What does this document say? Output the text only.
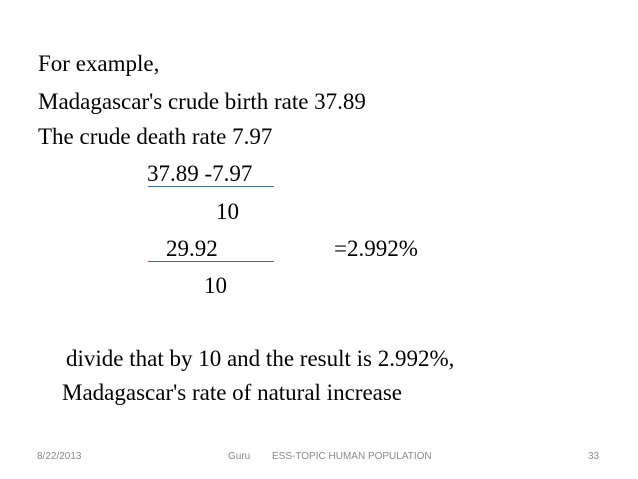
For example,
Madagascar's crude birth rate 37.89
The crude death rate 7.97
37.89 -7.97
10
29.92	=2.992%
10
divide that by 10 and the result is 2.992%,
Madagascar's rate of natural increase
8/22/2013	Guru ESS-TOPIC HUMAN POPULATION	33
